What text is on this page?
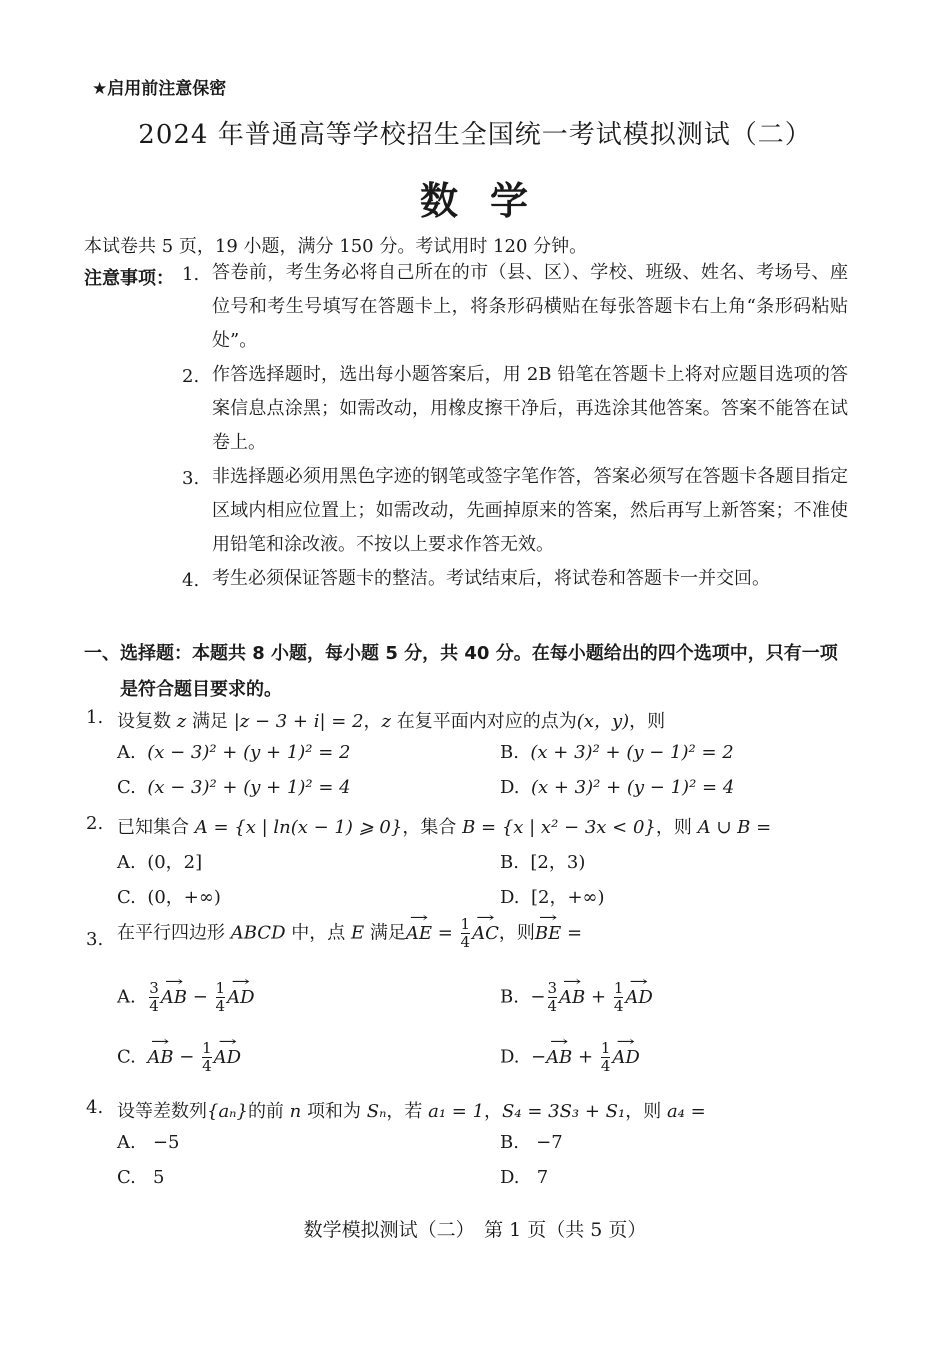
★启用前注意保密
2024 年普通高等学校招生全国统一考试模拟测试（二）
数学
本试卷共 5 页，19 小题，满分 150 分。考试用时 120 分钟。
注意事项： 1. 答卷前，考生务必将自己所在的市（县、区）、学校、班级、姓名、考场号、座位号和考生号填写在答题卡上，将条形码横贴在每张答题卡右上角“条形码粘贴处”。
2. 作答选择题时，选出每小题答案后，用 2B 铅笔在答题卡上将对应题目选项的答案信息点涂黑；如需改动，用橡皮擦干净后，再选涂其他答案。答案不能答在试卷上。
3. 非选择题必须用黑色字迹的钢笔或签字笔作答，答案必须写在答题卡各题目指定区域内相应位置上；如需改动，先画掉原来的答案，然后再写上新答案；不准使用铅笔和涂改液。不按以上要求作答无效。
4. 考生必须保证答题卡的整洁。考试结束后，将试卷和答题卡一并交回。
一、选择题：本题共 8 小题，每小题 5 分，共 40 分。在每小题给出的四个选项中，只有一项是符合题目要求的。
1. 设复数 z 满足 |z − 3 + i| = 2，z 在复平面内对应的点为(x，y)，则
A. (x − 3)² + (y + 1)² = 2	B. (x + 3)² + (y − 1)² = 2
C. (x − 3)² + (y + 1)² = 4	D. (x + 3)² + (y − 1)² = 4
2. 已知集合 A = {x | ln(x − 1) ⩾ 0}，集合 B = {x | x² − 3x < 0}，则 A ∪ B =
A. (0，2]	B. [2，3)
C. (0，+∞)	D. [2，+∞)
3. 在平行四边形 ABCD 中，点 E 满足→ AE = $\frac{1}{4}$ → AC，则→ BE =
A. $\frac{3}{4}$ → AB − $\frac{1}{4}$ → AD	B. − $\frac{3}{4}$ → AB + $\frac{1}{4}$ → AD
C. → AB − $\frac{1}{4}$ → AD	D. −→ AB + $\frac{1}{4}$ → AD
4. 设等差数列{aₙ}的前 n 项和为 Sₙ，若 a₁ = 1，S₄ = 3S₃ + S₁，则 a₄ =
A. −5	B. −7
C. 5	D. 7
数学模拟测试（二）　第 1 页（共 5 页）
